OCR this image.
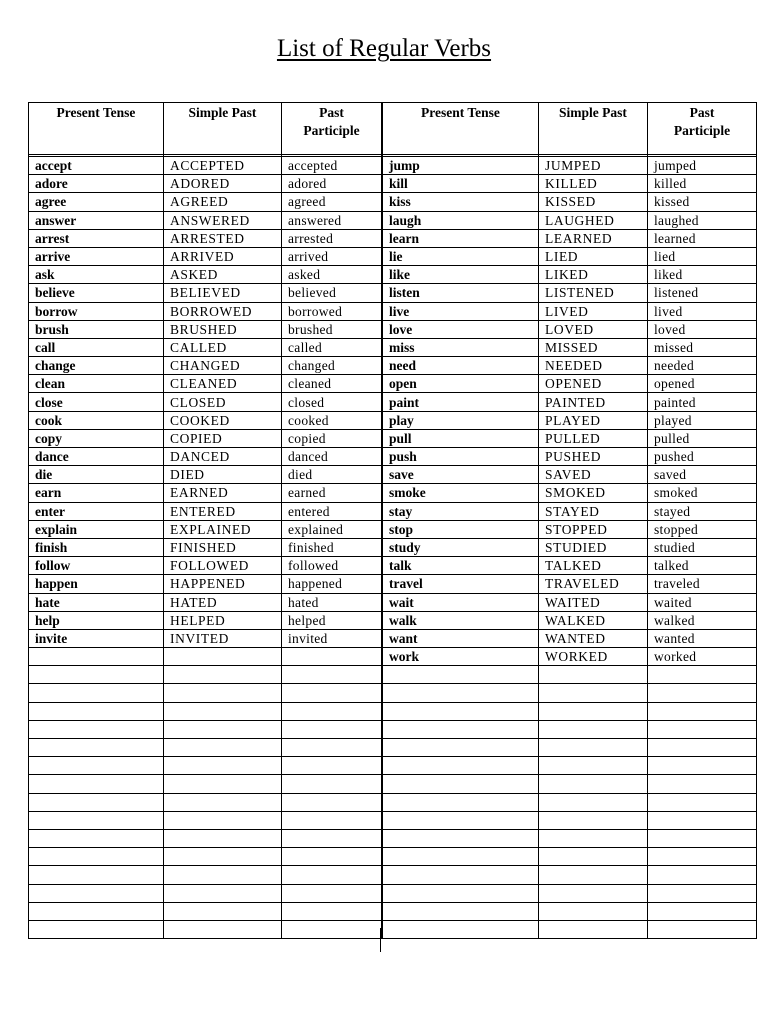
List of Regular Verbs
Present Tense	Simple Past	Past
Participle

accept	ACCEPTED	accepted
adore	ADORED	adored
agree	AGREED	agreed
answer	ANSWERED	answered
arrest	ARRESTED	arrested
arrive	ARRIVED	arrived
ask	ASKED	asked
believe	BELIEVED	believed
borrow	BORROWED	borrowed
brush	BRUSHED	brushed
call	CALLED	called
change	CHANGED	changed
clean	CLEANED	cleaned
close	CLOSED	closed
cook	COOKED	cooked
copy	COPIED	copied
dance	DANCED	danced
die	DIED	died
earn	EARNED	earned
enter	ENTERED	entered
explain	EXPLAINED	explained
finish	FINISHED	finished
follow	FOLLOWED	followed
happen	HAPPENED	happened
hate	HATED	hated
help	HELPED	helped
invite	INVITED	invited

Present Tense	Simple Past	Past
Participle

jump	JUMPED	jumped
kill	KILLED	killed
kiss	KISSED	kissed
laugh	LAUGHED	laughed
learn	LEARNED	learned
lie	LIED	lied
like	LIKED	liked
listen	LISTENED	listened
live	LIVED	lived
love	LOVED	loved
miss	MISSED	missed
need	NEEDED	needed
open	OPENED	opened
paint	PAINTED	painted
play	PLAYED	played
pull	PULLED	pulled
push	PUSHED	pushed
save	SAVED	saved
smoke	SMOKED	smoked
stay	STAYED	stayed
stop	STOPPED	stopped
study	STUDIED	studied
talk	TALKED	talked
travel	TRAVELED	traveled
wait	WAITED	waited
walk	WALKED	walked
want	WANTED	wanted
work	WORKED	worked
